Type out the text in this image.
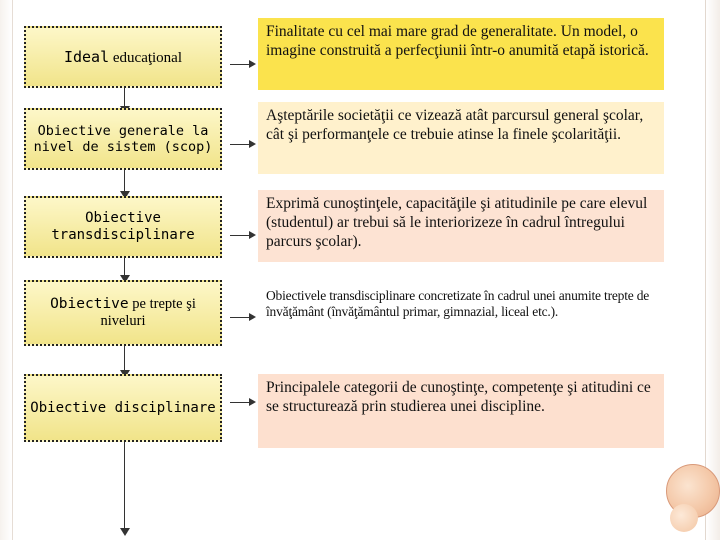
Ideal educaţional
Finalitate cu cel mai mare grad de generalitate. Un model, o imagine construită a perfecţiunii într-o anumită etapă istorică.
Obiective generale la nivel de sistem (scop)
Aşteptările societăţii ce vizează atât parcursul general şcolar, cât şi performanţele ce trebuie atinse la finele şcolarităţii.
Obiective transdisciplinare
Exprimă cunoştinţele, capacităţile şi atitudinile pe care elevul (studentul) ar trebui să le interiorizeze în cadrul întregului parcurs şcolar).
Obiective pe trepte şi niveluri
Obiectivele transdisciplinare concretizate în cadrul unei anumite trepte de învăţământ (învăţământul primar, gimnazial, liceal etc.).
Obiective disciplinare
Principalele categorii de cunoştinţe, competenţe şi atitudini ce se structurează prin studierea unei discipline.
